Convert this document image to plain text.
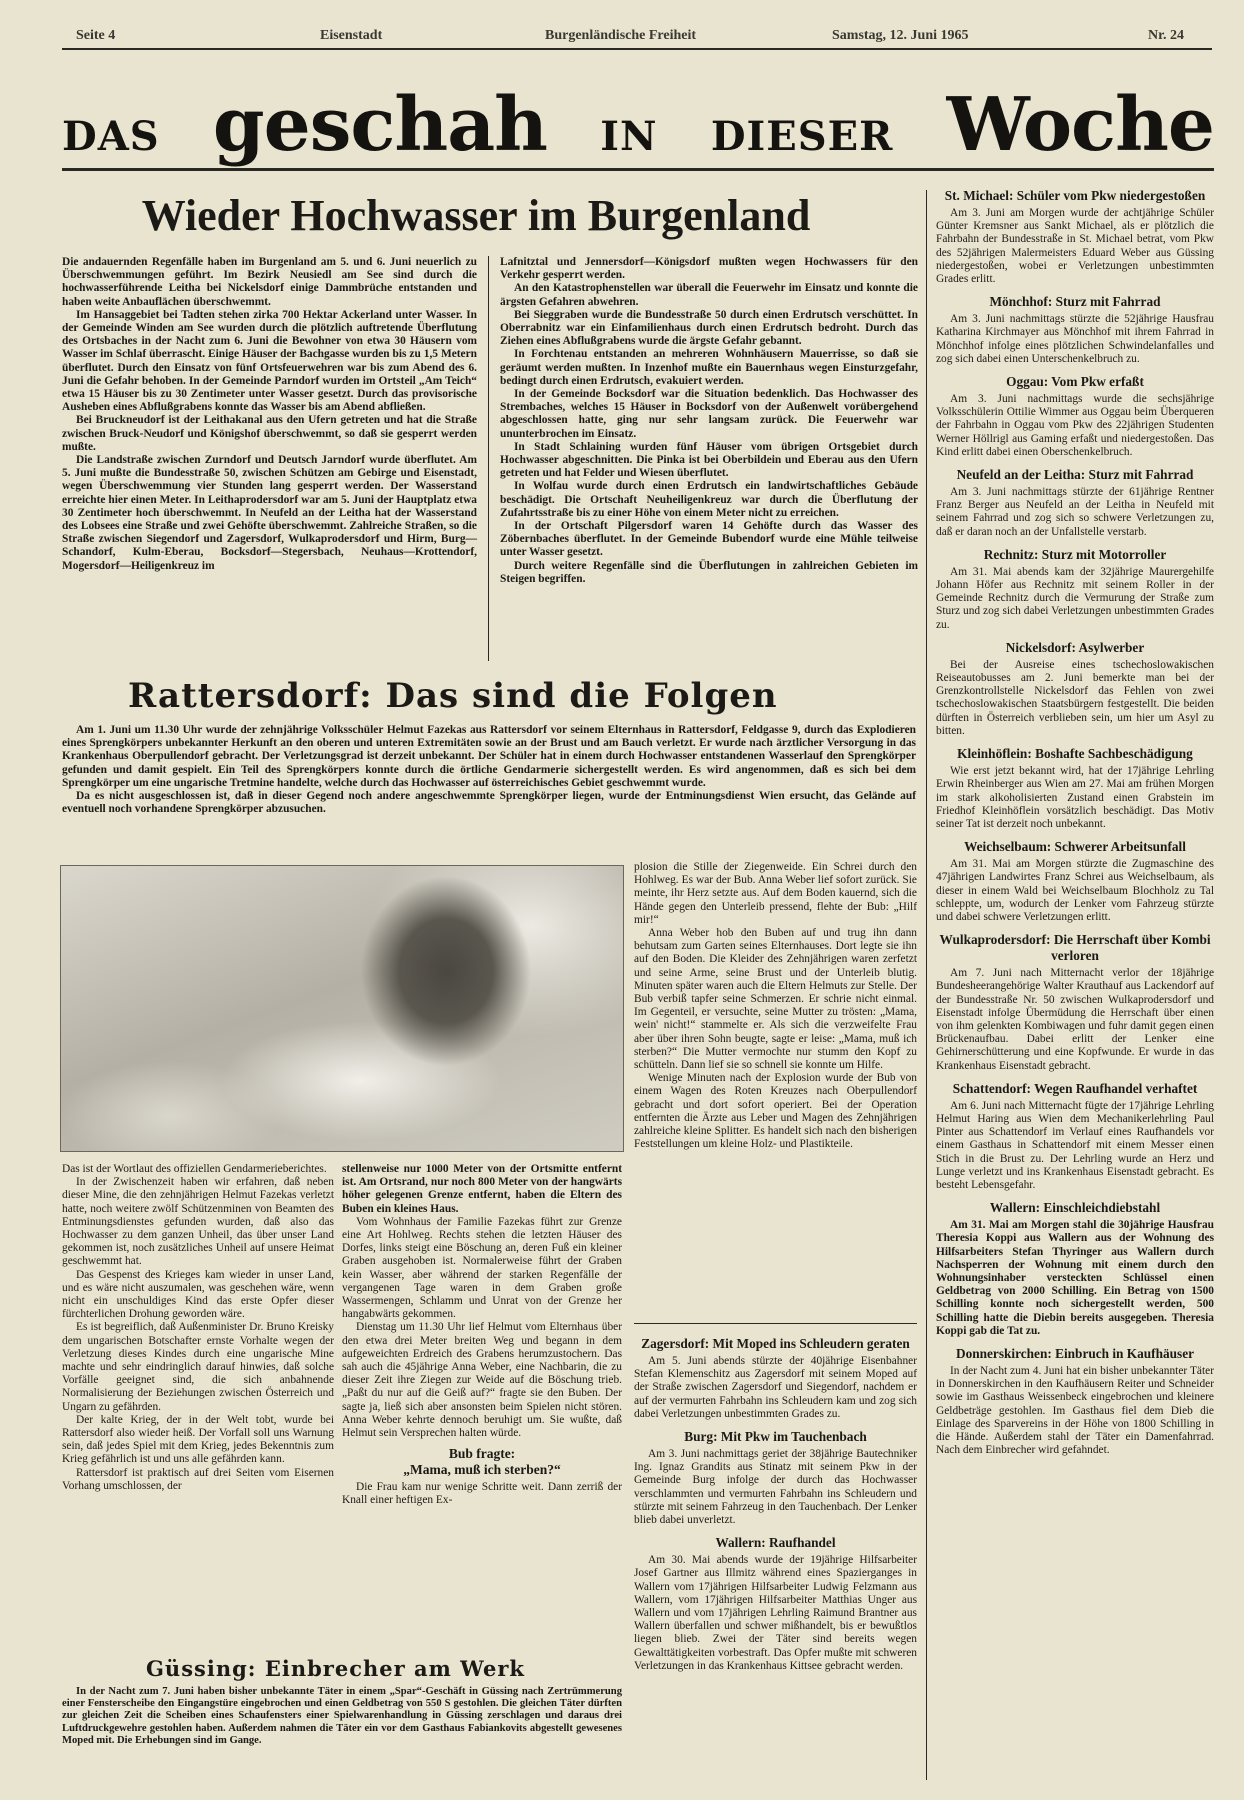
Seite 4	Eisenstadt	Burgenländische Freiheit	Samstag, 12. Juni 1965	Nr. 24
DAS geschah IN DIESER Woche
Wieder Hochwasser im Burgenland

Die andauernden Regenfälle haben im Burgenland am 5. und 6. Juni neuerlich zu Überschwemmungen geführt. Im Bezirk Neusiedl am See sind durch die hochwasserführende Leitha bei Nickelsdorf einige Dammbrüche entstanden und haben weite Anbauflächen überschwemmt.

Im Hansaggebiet bei Tadten stehen zirka 700 Hektar Ackerland unter Wasser. In der Gemeinde Winden am See wurden durch die plötzlich auftretende Überflutung des Ortsbaches in der Nacht zum 6. Juni die Bewohner von etwa 30 Häusern vom Wasser im Schlaf überrascht. Einige Häuser der Bachgasse wurden bis zu 1,5 Metern überflutet. Durch den Einsatz von fünf Ortsfeuerwehren war bis zum Abend des 6. Juni die Gefahr behoben. In der Gemeinde Parndorf wurden im Ortsteil „Am Teich“ etwa 15 Häuser bis zu 30 Zentimeter unter Wasser gesetzt. Durch das provisorische Ausheben eines Abflußgrabens konnte das Wasser bis am Abend abfließen.

Bei Bruckneudorf ist der Leithakanal aus den Ufern getreten und hat die Straße zwischen Bruck-Neudorf und Königshof überschwemmt, so daß sie gesperrt werden mußte.

Die Landstraße zwischen Zurndorf und Deutsch Jarndorf wurde überflutet. Am 5. Juni mußte die Bundesstraße 50, zwischen Schützen am Gebirge und Eisenstadt, wegen Überschwemmung vier Stunden lang gesperrt werden. Der Wasserstand erreichte hier einen Meter. In Leithaprodersdorf war am 5. Juni der Hauptplatz etwa 30 Zentimeter hoch überschwemmt. In Neufeld an der Leitha hat der Wasserstand des Lobsees eine Straße und zwei Gehöfte überschwemmt. Zahlreiche Straßen, so die Straße zwischen Siegendorf und Zagersdorf, Wulkaprodersdorf und Hirm, Burg—Schandorf, Kulm-Eberau, Bocksdorf—Stegersbach, Neuhaus—Krottendorf, Mogersdorf—Heiligenkreuz im

Lafnitztal und Jennersdorf—Königsdorf mußten wegen Hochwassers für den Verkehr gesperrt werden.

An den Katastrophenstellen war überall die Feuerwehr im Einsatz und konnte die ärgsten Gefahren abwehren.

Bei Sieggraben wurde die Bundesstraße 50 durch einen Erdrutsch verschüttet. In Oberrabnitz war ein Einfamilienhaus durch einen Erdrutsch bedroht. Durch das Ziehen eines Abflußgrabens wurde die ärgste Gefahr gebannt.

In Forchtenau entstanden an mehreren Wohnhäusern Mauerrisse, so daß sie geräumt werden mußten. In Inzenhof mußte ein Bauernhaus wegen Einsturzgefahr, bedingt durch einen Erdrutsch, evakuiert werden.

In der Gemeinde Bocksdorf war die Situation bedenklich. Das Hochwasser des Strembaches, welches 15 Häuser in Bocksdorf von der Außenwelt vorübergehend abgeschlossen hatte, ging nur sehr langsam zurück. Die Feuerwehr war ununterbrochen im Einsatz.

In Stadt Schlaining wurden fünf Häuser vom übrigen Ortsgebiet durch Hochwasser abgeschnitten. Die Pinka ist bei Oberbildein und Eberau aus den Ufern getreten und hat Felder und Wiesen überflutet.

In Wolfau wurde durch einen Erdrutsch ein landwirtschaftliches Gebäude beschädigt. Die Ortschaft Neuheiligenkreuz war durch die Überflutung der Zufahrtsstraße bis zu einer Höhe von einem Meter nicht zu erreichen.

In der Ortschaft Pilgersdorf waren 14 Gehöfte durch das Wasser des Zöbernbaches überflutet. In der Gemeinde Bubendorf wurde eine Mühle teilweise unter Wasser gesetzt.

Durch weitere Regenfälle sind die Überflutungen in zahlreichen Gebieten im Steigen begriffen.

Rattersdorf: Das sind die Folgen

Am 1. Juni um 11.30 Uhr wurde der zehnjährige Volksschüler Helmut Fazekas aus Rattersdorf vor seinem Elternhaus in Rattersdorf, Feldgasse 9, durch das Explodieren eines Sprengkörpers unbekannter Herkunft an den oberen und unteren Extremitäten sowie an der Brust und am Bauch verletzt. Er wurde nach ärztlicher Versorgung in das Krankenhaus Oberpullendorf gebracht. Der Verletzungsgrad ist derzeit unbekannt. Der Schüler hat in einem durch Hochwasser entstandenen Wasserlauf den Sprengkörper gefunden und damit gespielt. Ein Teil des Sprengkörpers konnte durch die örtliche Gendarmerie sichergestellt werden. Es wird angenommen, daß es sich bei dem Sprengkörper um eine ungarische Tretmine handelte, welche durch das Hochwasser auf österreichisches Gebiet geschwemmt wurde.

Da es nicht ausgeschlossen ist, daß in dieser Gegend noch andere angeschwemmte Sprengkörper liegen, wurde der Entminungsdienst Wien ersucht, das Gelände auf eventuell noch vorhandene Sprengkörper abzusuchen.

Das ist der Wortlaut des offiziellen Gendarmerieberichtes.

In der Zwischenzeit haben wir erfahren, daß neben dieser Mine, die den zehnjährigen Helmut Fazekas verletzt hatte, noch weitere zwölf Schützenminen von Beamten des Entminungsdienstes gefunden wurden, daß also das Hochwasser zu dem ganzen Unheil, das über unser Land gekommen ist, noch zusätzliches Unheil auf unsere Heimat geschwemmt hat.

Das Gespenst des Krieges kam wieder in unser Land, und es wäre nicht auszumalen, was geschehen wäre, wenn nicht ein unschuldiges Kind das erste Opfer dieser fürchterlichen Drohung geworden wäre.

Es ist begreiflich, daß Außenminister Dr. Bruno Kreisky dem ungarischen Botschafter ernste Vorhalte wegen der Verletzung dieses Kindes durch eine ungarische Mine machte und sehr eindringlich darauf hinwies, daß solche Vorfälle geeignet sind, die sich anbahnende Normalisierung der Beziehungen zwischen Österreich und Ungarn zu gefährden.

Der kalte Krieg, der in der Welt tobt, wurde bei Rattersdorf also wieder heiß. Der Vorfall soll uns Warnung sein, daß jedes Spiel mit dem Krieg, jedes Bekenntnis zum Krieg gefährlich ist und uns alle gefährden kann.

Rattersdorf ist praktisch auf drei Seiten vom Eisernen Vorhang umschlossen, der

stellenweise nur 1000 Meter von der Ortsmitte entfernt ist. Am Ortsrand, nur noch 800 Meter von der hangwärts höher gelegenen Grenze entfernt, haben die Eltern des Buben ein kleines Haus.

Vom Wohnhaus der Familie Fazekas führt zur Grenze eine Art Hohlweg. Rechts stehen die letzten Häuser des Dorfes, links steigt eine Böschung an, deren Fuß ein kleiner Graben ausgehoben ist. Normalerweise führt der Graben kein Wasser, aber während der starken Regenfälle der vergangenen Tage waren in dem Graben große Wassermengen, Schlamm und Unrat von der Grenze her hangabwärts gekommen.

Dienstag um 11.30 Uhr lief Helmut vom Elternhaus über den etwa drei Meter breiten Weg und begann in dem aufgeweichten Erdreich des Grabens herumzustochern. Das sah auch die 45jährige Anna Weber, eine Nachbarin, die zu dieser Zeit ihre Ziegen zur Weide auf die Böschung trieb. „Paßt du nur auf die Geiß auf?“ fragte sie den Buben. Der sagte ja, ließ sich aber ansonsten beim Spielen nicht stören. Anna Weber kehrte dennoch beruhigt um. Sie wußte, daß Helmut sein Versprechen halten würde.

Bub fragte:
„Mama, muß ich sterben?“

Die Frau kam nur wenige Schritte weit. Dann zerriß der Knall einer heftigen Ex-

plosion die Stille der Ziegenweide. Ein Schrei durch den Hohlweg. Es war der Bub. Anna Weber lief sofort zurück. Sie meinte, ihr Herz setzte aus. Auf dem Boden kauernd, sich die Hände gegen den Unterleib pressend, flehte der Bub: „Hilf mir!“

Anna Weber hob den Buben auf und trug ihn dann behutsam zum Garten seines Elternhauses. Dort legte sie ihn auf den Boden. Die Kleider des Zehnjährigen waren zerfetzt und seine Arme, seine Brust und der Unterleib blutig. Minuten später waren auch die Eltern Helmuts zur Stelle. Der Bub verbiß tapfer seine Schmerzen. Er schrie nicht einmal. Im Gegenteil, er versuchte, seine Mutter zu trösten: „Mama, wein' nicht!“ stammelte er. Als sich die verzweifelte Frau aber über ihren Sohn beugte, sagte er leise: „Mama, muß ich sterben?“ Die Mutter vermochte nur stumm den Kopf zu schütteln. Dann lief sie so schnell sie konnte um Hilfe.

Wenige Minuten nach der Explosion wurde der Bub von einem Wagen des Roten Kreuzes nach Oberpullendorf gebracht und dort sofort operiert. Bei der Operation entfernten die Ärzte aus Leber und Magen des Zehnjährigen zahlreiche kleine Splitter. Es handelt sich nach den bisherigen Feststellungen um kleine Holz- und Plastikteile.

Zagersdorf: Mit Moped ins Schleudern geraten

Am 5. Juni abends stürzte der 40jährige Eisenbahner Stefan Klemenschitz aus Zagersdorf mit seinem Moped auf der Straße zwischen Zagersdorf und Siegendorf, nachdem er auf der vermurten Fahrbahn ins Schleudern kam und zog sich dabei Verletzungen unbestimmten Grades zu.

Burg: Mit Pkw im Tauchenbach

Am 3. Juni nachmittags geriet der 38jährige Bautechniker Ing. Ignaz Grandits aus Stinatz mit seinem Pkw in der Gemeinde Burg infolge der durch das Hochwasser verschlammten und vermurten Fahrbahn ins Schleudern und stürzte mit seinem Fahrzeug in den Tauchenbach. Der Lenker blieb dabei unverletzt.

Wallern: Raufhandel

Am 30. Mai abends wurde der 19jährige Hilfsarbeiter Josef Gartner aus Illmitz während eines Spazierganges in Wallern vom 17jährigen Hilfsarbeiter Ludwig Felzmann aus Wallern, vom 17jährigen Hilfsarbeiter Matthias Unger aus Wallern und vom 17jährigen Lehrling Raimund Brantner aus Wallern überfallen und schwer mißhandelt, bis er bewußtlos liegen blieb. Zwei der Täter sind bereits wegen Gewalttätigkeiten vorbestraft. Das Opfer mußte mit schweren Verletzungen in das Krankenhaus Kittsee gebracht werden.

Güssing: Einbrecher am Werk

In der Nacht zum 7. Juni haben bisher unbekannte Täter in einem „Spar“-Geschäft in Güssing nach Zertrümmerung einer Fensterscheibe den Eingangstüre eingebrochen und einen Geldbetrag von 550 S gestohlen. Die gleichen Täter dürften zur gleichen Zeit die Scheiben eines Schaufensters einer Spielwarenhandlung in Güssing zerschlagen und daraus drei Luftdruckgewehre gestohlen haben. Außerdem nahmen die Täter ein vor dem Gasthaus Fabiankovits abgestellt gewesenes Moped mit. Die Erhebungen sind im Gange.

St. Michael: Schüler vom Pkw niedergestoßen

Am 3. Juni am Morgen wurde der achtjährige Schüler Günter Kremsner aus Sankt Michael, als er plötzlich die Fahrbahn der Bundesstraße in St. Michael betrat, vom Pkw des 52jährigen Malermeisters Eduard Weber aus Güssing niedergestoßen, wobei er Verletzungen unbestimmten Grades erlitt.

Mönchhof: Sturz mit Fahrrad

Am 3. Juni nachmittags stürzte die 52jährige Hausfrau Katharina Kirchmayer aus Mönchhof mit ihrem Fahrrad in Mönchhof infolge eines plötzlichen Schwindelanfalles und zog sich dabei einen Unterschenkelbruch zu.

Oggau: Vom Pkw erfaßt

Am 3. Juni nachmittags wurde die sechsjährige Volksschülerin Ottilie Wimmer aus Oggau beim Überqueren der Fahrbahn in Oggau vom Pkw des 22jährigen Studenten Werner Höllrigl aus Gaming erfaßt und niedergestoßen. Das Kind erlitt dabei einen Oberschenkelbruch.

Neufeld an der Leitha: Sturz mit Fahrrad

Am 3. Juni nachmittags stürzte der 61jährige Rentner Franz Berger aus Neufeld an der Leitha in Neufeld mit seinem Fahrrad und zog sich so schwere Verletzungen zu, daß er daran noch an der Unfallstelle verstarb.

Rechnitz: Sturz mit Motorroller

Am 31. Mai abends kam der 32jährige Maurergehilfe Johann Höfer aus Rechnitz mit seinem Roller in der Gemeinde Rechnitz durch die Vermurung der Straße zum Sturz und zog sich dabei Verletzungen unbestimmten Grades zu.

Nickelsdorf: Asylwerber

Bei der Ausreise eines tschechoslowakischen Reiseautobusses am 2. Juni bemerkte man bei der Grenzkontrollstelle Nickelsdorf das Fehlen von zwei tschechoslowakischen Staatsbürgern festgestellt. Die beiden dürften in Österreich verblieben sein, um hier um Asyl zu bitten.

Kleinhöflein: Boshafte Sachbeschädigung

Wie erst jetzt bekannt wird, hat der 17jährige Lehrling Erwin Rheinberger aus Wien am 27. Mai am frühen Morgen im stark alkoholisierten Zustand einen Grabstein im Friedhof Kleinhöflein vorsätzlich beschädigt. Das Motiv seiner Tat ist derzeit noch unbekannt.

Weichselbaum: Schwerer Arbeitsunfall

Am 31. Mai am Morgen stürzte die Zugmaschine des 47jährigen Landwirtes Franz Schrei aus Weichselbaum, als dieser in einem Wald bei Weichselbaum Blochholz zu Tal schleppte, um, wodurch der Lenker vom Fahrzeug stürzte und dabei schwere Verletzungen erlitt.

Wulkaprodersdorf: Die Herrschaft über Kombi verloren

Am 7. Juni nach Mitternacht verlor der 18jährige Bundesheerangehörige Walter Krauthauf aus Lackendorf auf der Bundesstraße Nr. 50 zwischen Wulkaprodersdorf und Eisenstadt infolge Übermüdung die Herrschaft über einen von ihm gelenkten Kombiwagen und fuhr damit gegen einen Brückenaufbau. Dabei erlitt der Lenker eine Gehirnerschütterung und eine Kopfwunde. Er wurde in das Krankenhaus Eisenstadt gebracht.

Schattendorf: Wegen Raufhandel verhaftet

Am 6. Juni nach Mitternacht fügte der 17jährige Lehrling Helmut Haring aus Wien dem Mechanikerlehrling Paul Pinter aus Schattendorf im Verlauf eines Raufhandels vor einem Gasthaus in Schattendorf mit einem Messer einen Stich in die Brust zu. Der Lehrling wurde an Herz und Lunge verletzt und ins Krankenhaus Eisenstadt gebracht. Es besteht Lebensgefahr.

Wallern: Einschleichdiebstahl

Am 31. Mai am Morgen stahl die 30jährige Hausfrau Theresia Koppi aus Wallern aus der Wohnung des Hilfsarbeiters Stefan Thyringer aus Wallern durch Nachsperren der Wohnung mit einem durch den Wohnungsinhaber versteckten Schlüssel einen Geldbetrag von 2000 Schilling. Ein Betrag von 1500 Schilling konnte noch sichergestellt werden, 500 Schilling hatte die Diebin bereits ausgegeben. Theresia Koppi gab die Tat zu.

Donnerskirchen: Einbruch in Kaufhäuser

In der Nacht zum 4. Juni hat ein bisher unbekannter Täter in Donnerskirchen in den Kaufhäusern Reiter und Schneider sowie im Gasthaus Weissenbeck eingebrochen und kleinere Geldbeträge gestohlen. Im Gasthaus fiel dem Dieb die Einlage des Sparvereins in der Höhe von 1800 Schilling in die Hände. Außerdem stahl der Täter ein Damenfahrrad. Nach dem Einbrecher wird gefahndet.
